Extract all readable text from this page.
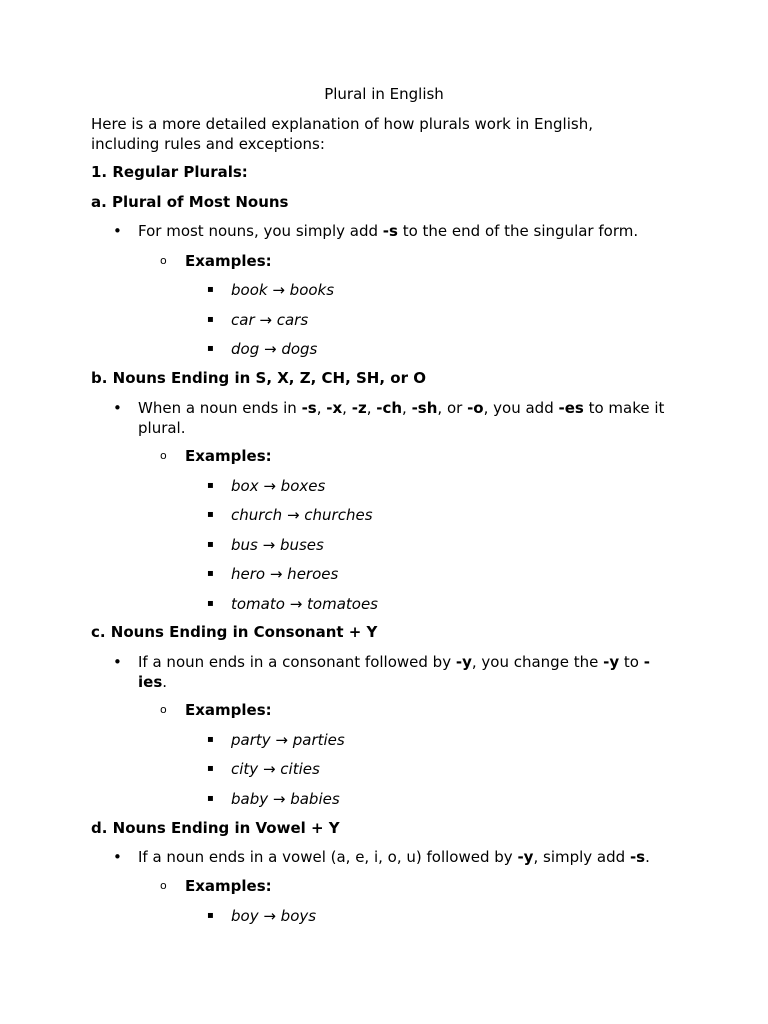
Plural in English
Here is a more detailed explanation of how plurals work in English, including rules and exceptions:
1. Regular Plurals:
a. Plural of Most Nouns
• For most nouns, you simply add -s to the end of the singular form.
o Examples:
▪ book → books
▪ car → cars
▪ dog → dogs
b. Nouns Ending in S, X, Z, CH, SH, or O
• When a noun ends in -s, -x, -z, -ch, -sh, or -o, you add -es to make it plural.
o Examples:
▪ box → boxes
▪ church → churches
▪ bus → buses
▪ hero → heroes
▪ tomato → tomatoes
c. Nouns Ending in Consonant + Y
• If a noun ends in a consonant followed by -y, you change the -y to -ies.
o Examples:
▪ party → parties
▪ city → cities
▪ baby → babies
d. Nouns Ending in Vowel + Y
• If a noun ends in a vowel (a, e, i, o, u) followed by -y, simply add -s.
o Examples:
▪ boy → boys
